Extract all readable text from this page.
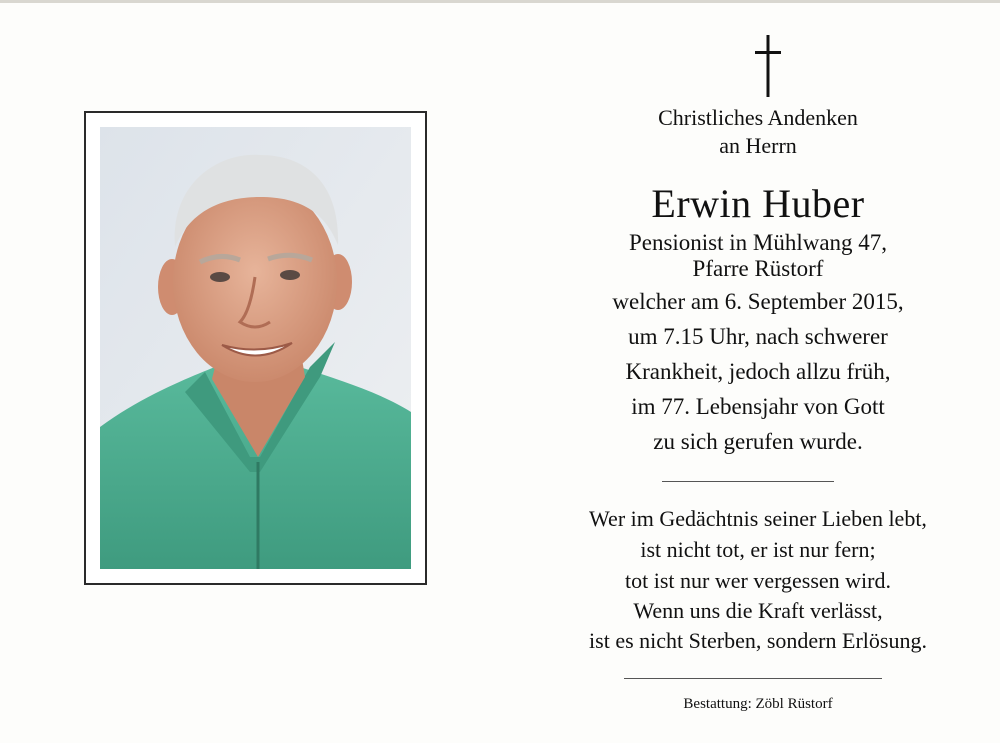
Christliches Andenken
an Herrn
Erwin Huber
Pensionist in Mühlwang 47,
Pfarre Rüstorf
welcher am 6. September 2015,
um 7.15 Uhr, nach schwerer
Krankheit, jedoch allzu früh,
im 77. Lebensjahr von Gott
zu sich gerufen wurde.
Wer im Gedächtnis seiner Lieben lebt,
ist nicht tot, er ist nur fern;
tot ist nur wer vergessen wird.
Wenn uns die Kraft verlässt,
ist es nicht Sterben, sondern Erlösung.
Bestattung: Zöbl Rüstorf
